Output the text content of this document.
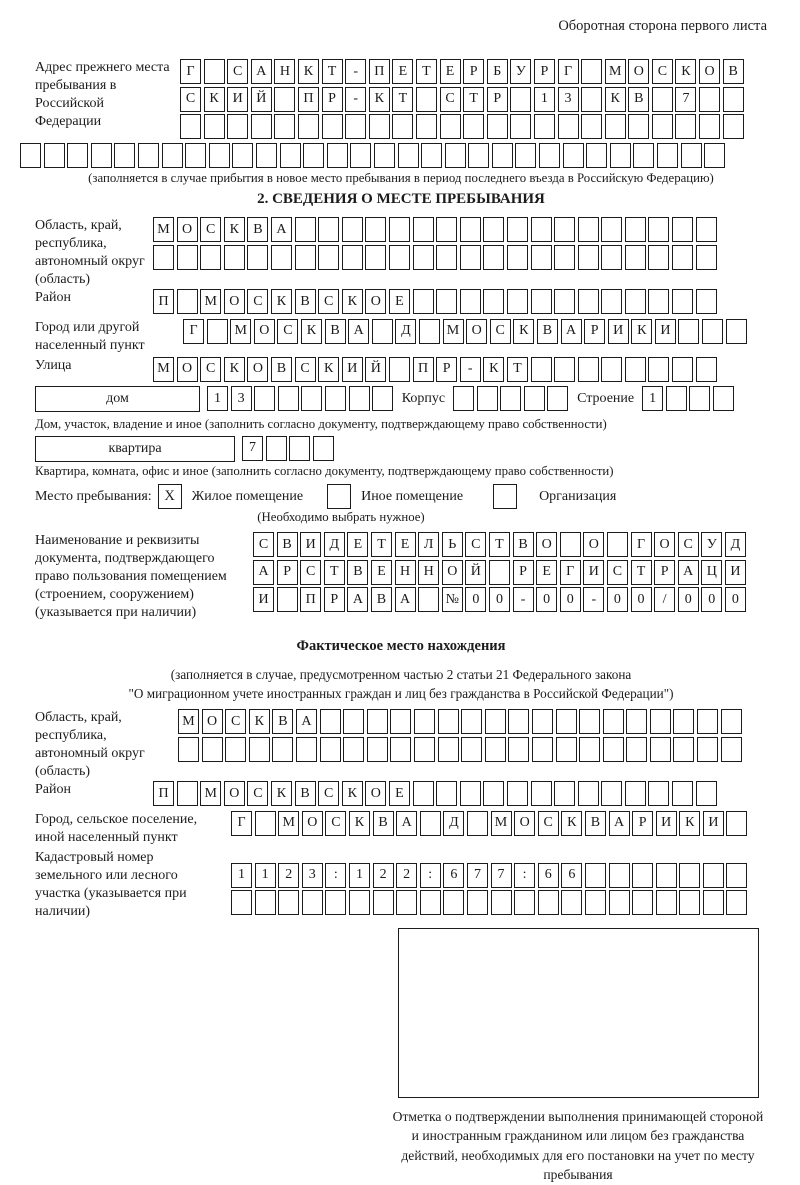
Оборотная сторона первого листа
Адрес прежнего места пребывания в Российской Федерации
Г	С А Н К	Т	-	П	Е	Т	Е	Р	Б	У	Р	Г	М О С	К О В
С	К И Й	П	Р	-	К	Т	С	Т	Р	1	3	К	В	7
(заполняется в случае прибытия в новое место пребывания в период последнего въезда в Российскую Федерацию)
2. СВЕДЕНИЯ О МЕСТЕ ПРЕБЫВАНИЯ
Область, край, республика, автономный округ (область)
М О С	К	В А
Район	П	М О С	К	В	С	К О	Е
Город или другой населенный пункт
Г	М О С	К	В А	Д	М О С	К	В А	Р	И К И
Улица	М О С	К О В	С	К И Й	П	Р	-	К	Т
дом	1	3	Корпус	Строение	1
Дом, участок, владение и иное (заполнить согласно документу, подтверждающему право собственности)
квартира	7
Квартира, комната, офис и иное (заполнить согласно документу, подтверждающему право собственности)
Место пребывания: X	Жилое помещение	Иное помещение	Организация
(Необходимо выбрать нужное)
Наименование и реквизиты документа, подтверждающего право пользования помещением (строением, сооружением) (указывается при наличии)
С	В И Д	Е	Т	Е	Л	Ь	С	Т	В О	О	Г	О С У Д
А	Р	С	Т	В	Е	Н Н О Й	Р	Е	Г	И С	Т	Р	А Ц И
И	П	Р	А В А	№ 0	0	-	0	0	-	0	0	/	0	0	0
Фактическое место нахождения
(заполняется в случае, предусмотренном частью 2 статьи 21 Федерального закона
"О миграционном учете иностранных граждан и лиц без гражданства в Российской Федерации")
Область, край, республика, автономный округ (область)
М О С	К	В А
Район	П	М О С	К	В	С	К О	Е
Город, сельское поселение, иной населенный пункт
Г	М О С	К	В А	Д	М О С	К	В А	Р	И К И
Кадастровый номер земельного или лесного участка (указывается при наличии)
1	1	2	3	:	1	2	2	:	6	7	7	:	6	6
Отметка о подтверждении выполнения принимающей стороной и иностранным гражданином или лицом без гражданства действий, необходимых для его постановки на учет по месту пребывания
